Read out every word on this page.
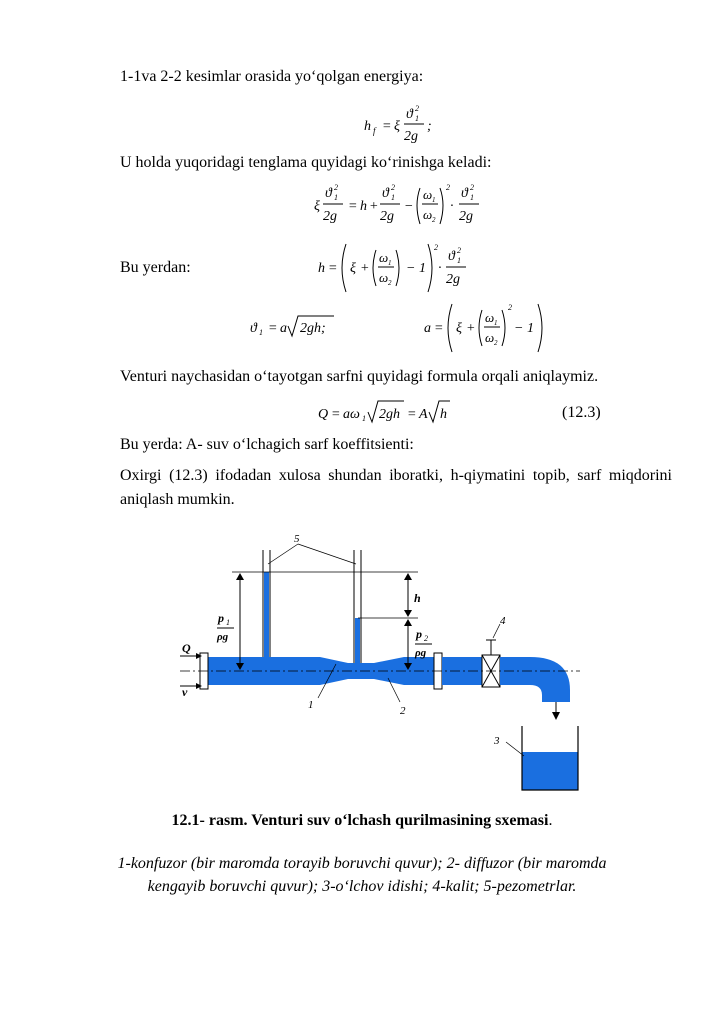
1-1va 2-2 kesimlar orasida yo‘qolgan energiya:

h f = ξ
ϑ 2
1
2g
;

U holda yuqoridagi tenglama quyidagi ko‘rinishga keladi:

ξ
ϑ 2
1
2g
= h +
ϑ 2
1
2g
−
ω 1
ω 2
2
·
ϑ 2
1
2g

Bu yerdan:	h = ξ +
ω 1
ω 2
− 1
2
·
ϑ 2
1
2g
ϑ 1 = a 2gh;	a = ξ +
ω 1
ω 2
2
− 1

Venturi naychasidan o‘tayotgan sarfni quyidagi formula orqali aniqlaymiz.

Q = aω 1 2gh = A h	(12.3)

Bu yerda: A- suv o‘lchagich sarf koeffitsienti:

Oxirgi (12.3) ifodadan xulosa shundan iboratki, h-qiymatini topib, sarf miqdorini aniqlash mumkin.

5
h
p 1
ρg	p 2
ρg
Q
v
1	2
4
3
12.1- rasm. Venturi suv o‘lchash qurilmasining sxemasi.
1-konfuzor (bir maromda torayib boruvchi quvur); 2- diffuzor (bir maromda kengayib boruvchi quvur); 3-o‘lchov idishi; 4-kalit; 5-pezometrlar.
